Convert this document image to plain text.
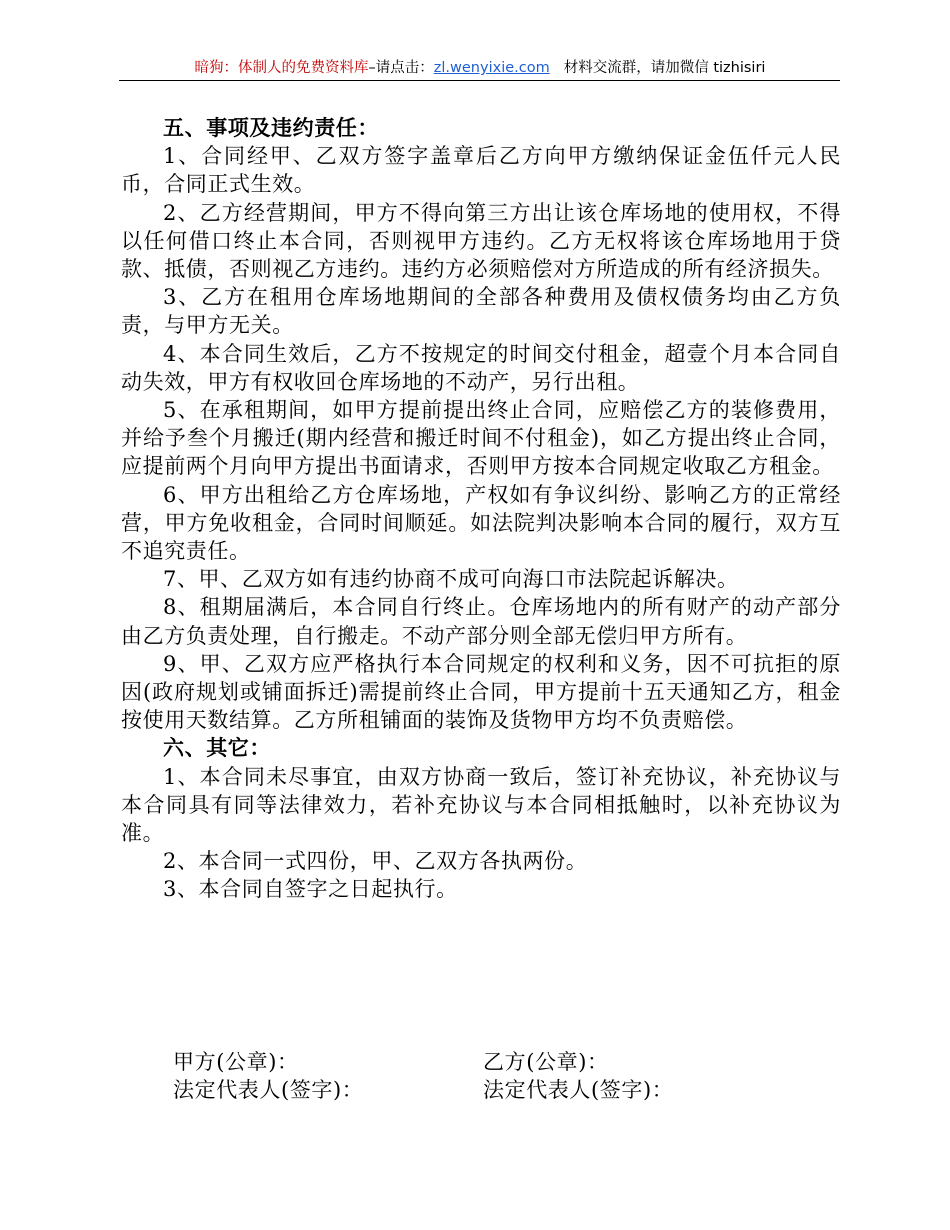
暗狗：体制人的免费资料库–请点击：zl.wenyixie.com 材料交流群，请加微信 tizhisiri

五、事项及违约责任：

1、合同经甲、乙双方签字盖章后乙方向甲方缴纳保证金伍仟元人民币，合同正式生效。

2、乙方经营期间，甲方不得向第三方出让该仓库场地的使用权，不得以任何借口终止本合同，否则视甲方违约。乙方无权将该仓库场地用于贷款、抵债，否则视乙方违约。违约方必须赔偿对方所造成的所有经济损失。

3、乙方在租用仓库场地期间的全部各种费用及债权债务均由乙方负责，与甲方无关。

4、本合同生效后，乙方不按规定的时间交付租金，超壹个月本合同自动失效，甲方有权收回仓库场地的不动产，另行出租。

5、在承租期间，如甲方提前提出终止合同，应赔偿乙方的装修费用，并给予叁个月搬迁(期内经营和搬迁时间不付租金)，如乙方提出终止合同，应提前两个月向甲方提出书面请求，否则甲方按本合同规定收取乙方租金。

6、甲方出租给乙方仓库场地，产权如有争议纠纷、影响乙方的正常经营，甲方免收租金，合同时间顺延。如法院判决影响本合同的履行，双方互不追究责任。

7、甲、乙双方如有违约协商不成可向海口市法院起诉解决。

8、租期届满后，本合同自行终止。仓库场地内的所有财产的动产部分由乙方负责处理，自行搬走。不动产部分则全部无偿归甲方所有。

9、甲、乙双方应严格执行本合同规定的权利和义务，因不可抗拒的原因(政府规划或铺面拆迁)需提前终止合同，甲方提前十五天通知乙方，租金按使用天数结算。乙方所租铺面的装饰及货物甲方均不负责赔偿。

六、其它：

1、本合同未尽事宜，由双方协商一致后，签订补充协议，补充协议与本合同具有同等法律效力，若补充协议与本合同相抵触时，以补充协议为准。

2、本合同一式四份，甲、乙双方各执两份。

3、本合同自签字之日起执行。

甲方(公章)：	乙方(公章)：
法定代表人(签字)：	法定代表人(签字)：
